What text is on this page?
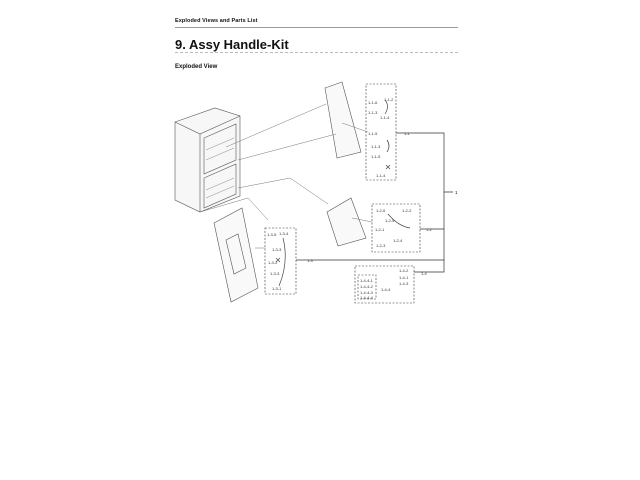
Exploded Views and Parts List
9. Assy Handle-Kit
Exploded View
1
1-1
1-2
1-3
1-4
1-1-6
1-1-2
1-1-3
1-1-4
1-1-5
1-1-3
1-1-5
1-1-4
1-2-6	1-2-2
1-2-5
1-2-1
1-2-3
1-2-4
1-3-5 1-3-4
1-3-3
1-3-2
1-3-3
1-3-1
1-4-2
1-4-1
1-4-3
1-4-4
1-4-4-1
1-4-4-2
1-4-4-3
1-4-4-4
